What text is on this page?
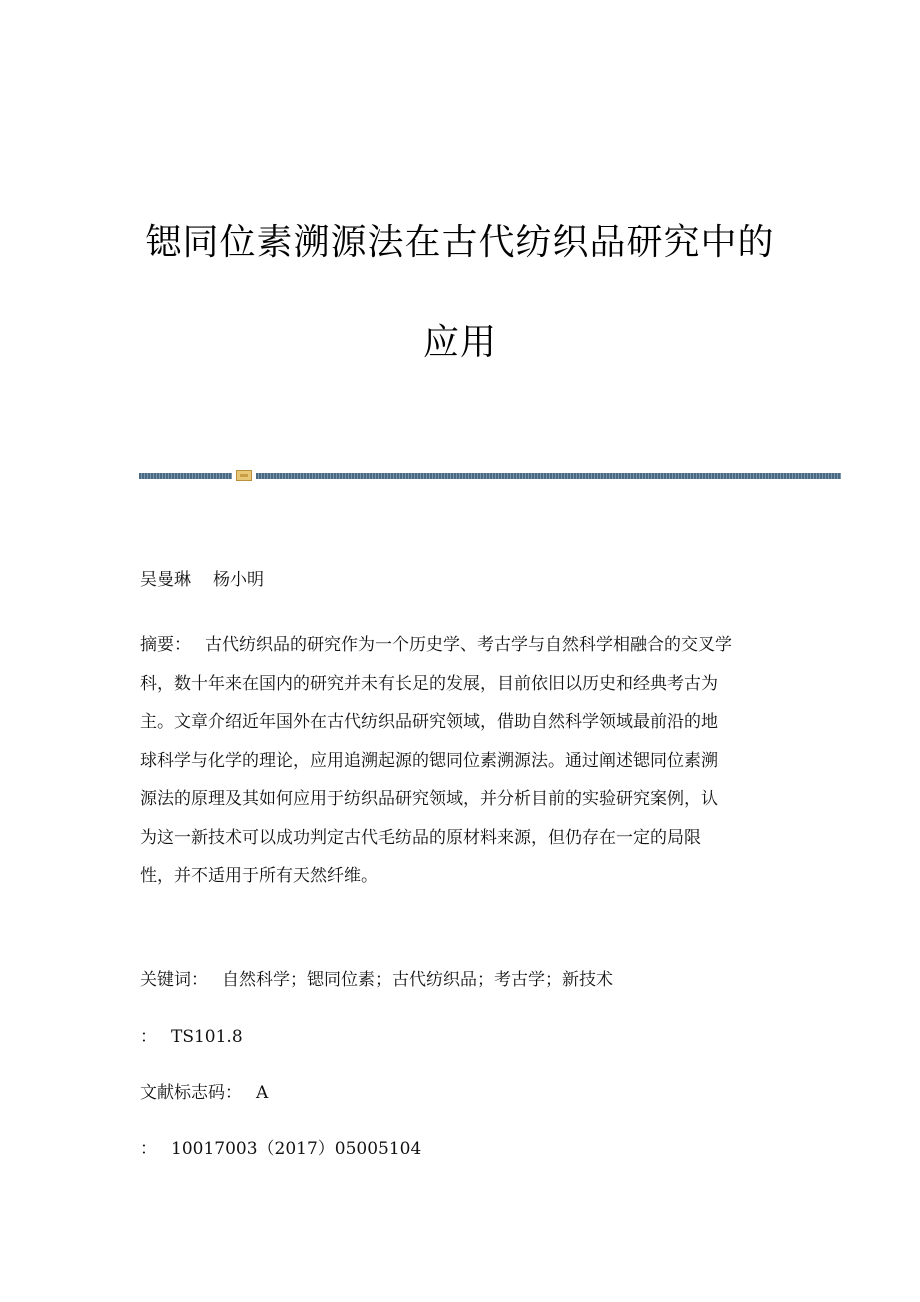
锶同位素溯源法在古代纺织品研究中的
应用

吴曼琳 杨小明

摘要： 古代纺织品的研究作为一个历史学、考古学与自然科学相融合的交叉学
科，数十年来在国内的研究并未有长足的发展，目前依旧以历史和经典考古为
主。文章介绍近年国外在古代纺织品研究领域，借助自然科学领域最前沿的地
球科学与化学的理论，应用追溯起源的锶同位素溯源法。通过阐述锶同位素溯
源法的原理及其如何应用于纺织品研究领域，并分析目前的实验研究案例，认
为这一新技术可以成功判定古代毛纺品的原材料来源，但仍存在一定的局限
性，并不适用于所有天然纤维。

关键词： 自然科学；锶同位素；古代纺织品；考古学；新技术

： TS101.8

文献标志码： A

： 10017003（2017）05005104
